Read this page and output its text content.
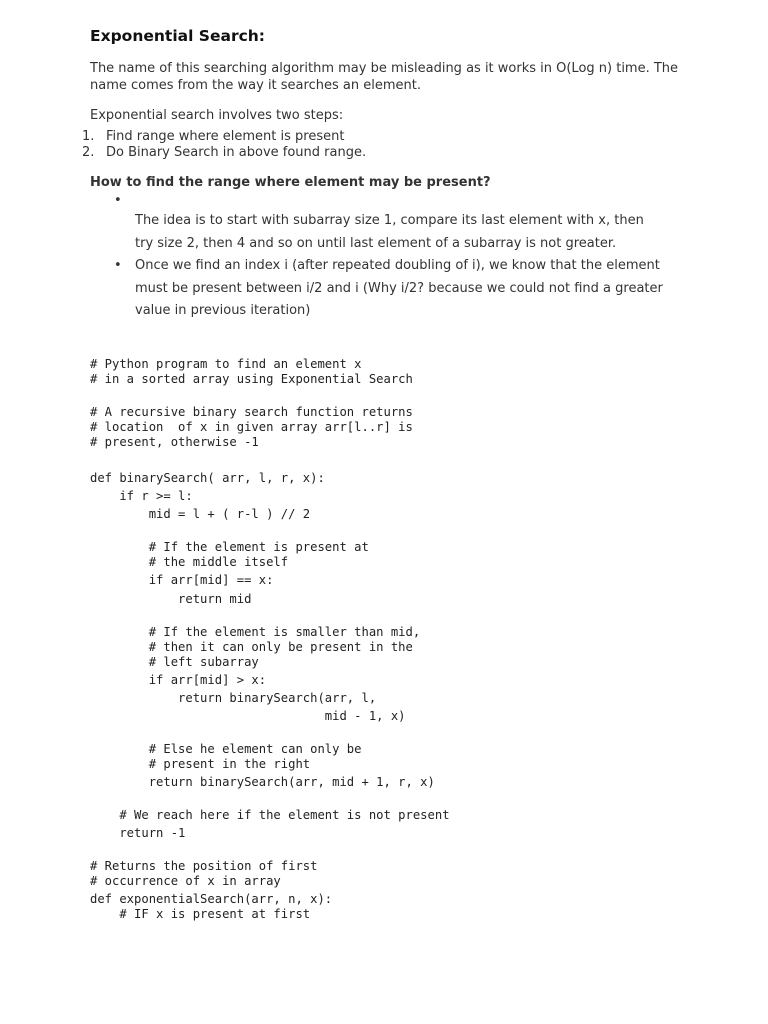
Exponential Search:

The name of this searching algorithm may be misleading as it works in O(Log n) time. The name comes from the way it searches an element.

Exponential search involves two steps:

1. Find range where element is present
2. Do Binary Search in above found range.
How to find the range where element may be present?
•
The idea is to start with subarray size 1, compare its last element with x, then try size 2, then 4 and so on until last element of a subarray is not greater.
• Once we find an index i (after repeated doubling of i), we know that the element must be present between i/2 and i (Why i/2? because we could not find a greater value in previous iteration)
# Python program to find an element x
# in a sorted array using Exponential Search
# A recursive binary search function returns
# location  of x in given array arr[l..r] is
# present, otherwise -1
def binarySearch( arr, l, r, x):
if r >= l:
mid = l + ( r-l ) // 2
# If the element is present at
# the middle itself
if arr[mid] == x:
return mid
# If the element is smaller than mid,
# then it can only be present in the
# left subarray
if arr[mid] > x:
return binarySearch(arr, l,
mid - 1, x)
# Else he element can only be
# present in the right
return binarySearch(arr, mid + 1, r, x)
# We reach here if the element is not present
return -1
# Returns the position of first
# occurrence of x in array
def exponentialSearch(arr, n, x):
# IF x is present at first
